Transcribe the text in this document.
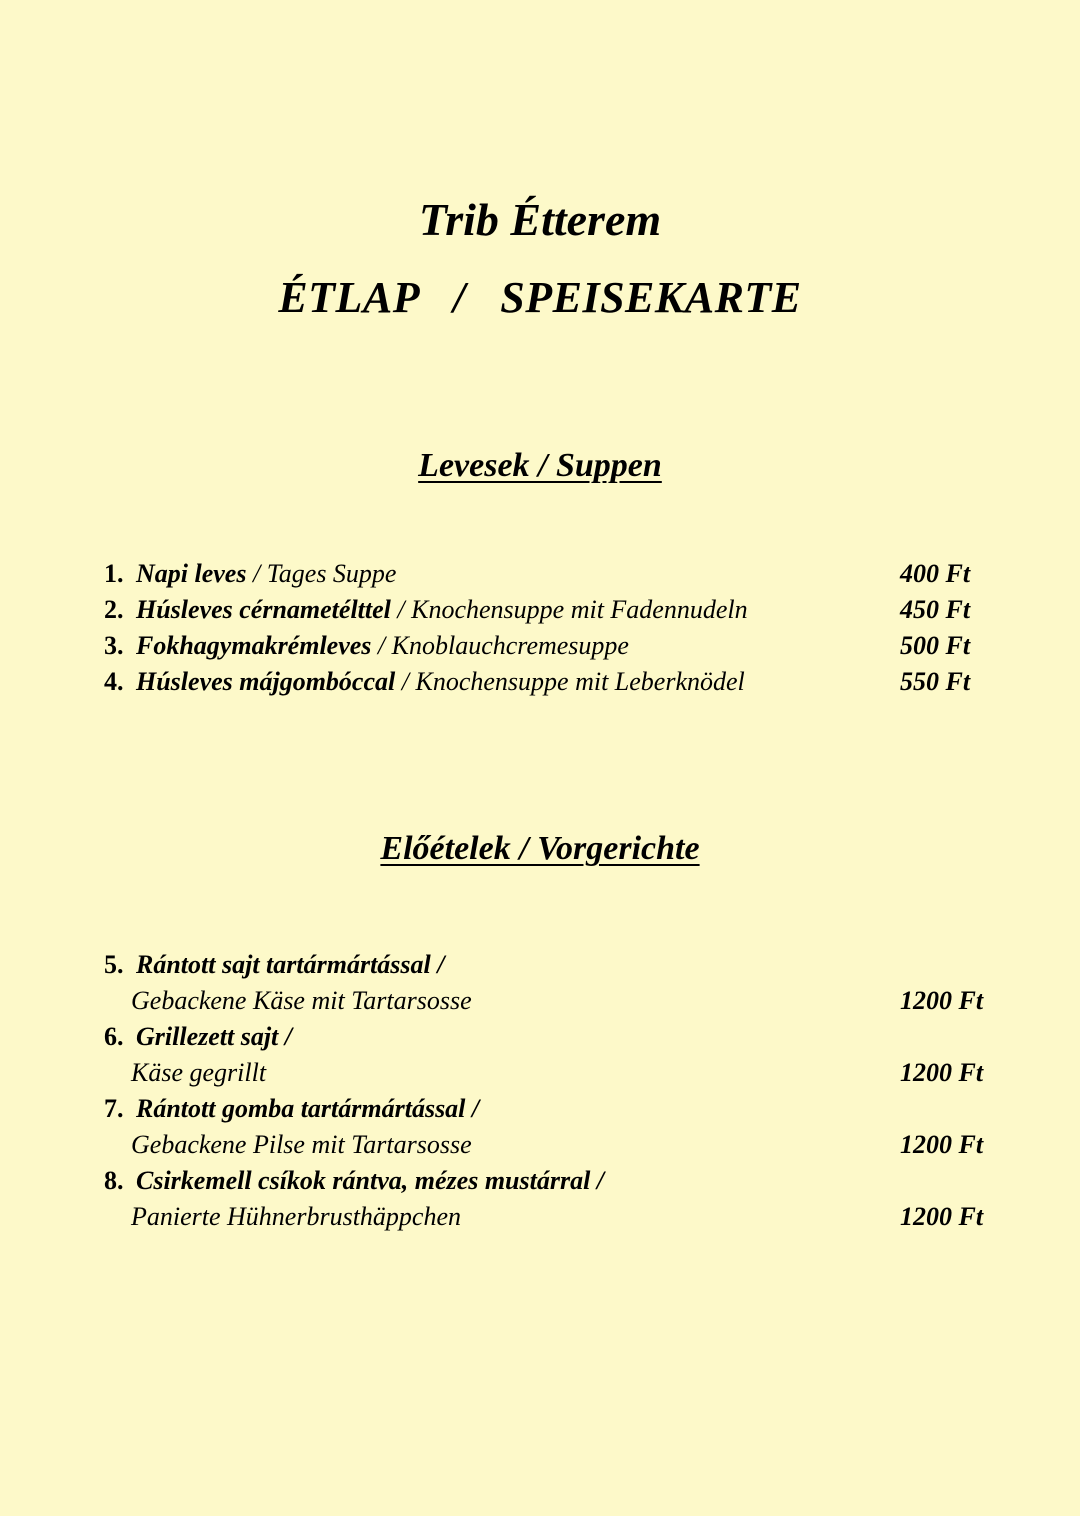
Trib Étterem
ÉTLAP   /   SPEISEKARTE
Levesek / Suppen
1. Napi leves / Tages Suppe	400 Ft
2. Húsleves cérnametélttel / Knochensuppe mit Fadennudeln	450 Ft
3. Fokhagymakrémleves / Knoblauchcremesuppe	500 Ft
4. Húsleves májgombóccal / Knochensuppe mit Leberknödel	550 Ft
Előételek / Vorgerichte
5. Rántott sajt tartármártással /
Gebackene Käse mit Tartarsosse	1200 Ft
6. Grillezett sajt /
Käse gegrillt	1200 Ft
7. Rántott gomba tartármártással /
Gebackene Pilse mit Tartarsosse	1200 Ft
8. Csirkemell csíkok rántva, mézes mustárral /
Panierte Hühnerbrusthäppchen	1200 Ft
